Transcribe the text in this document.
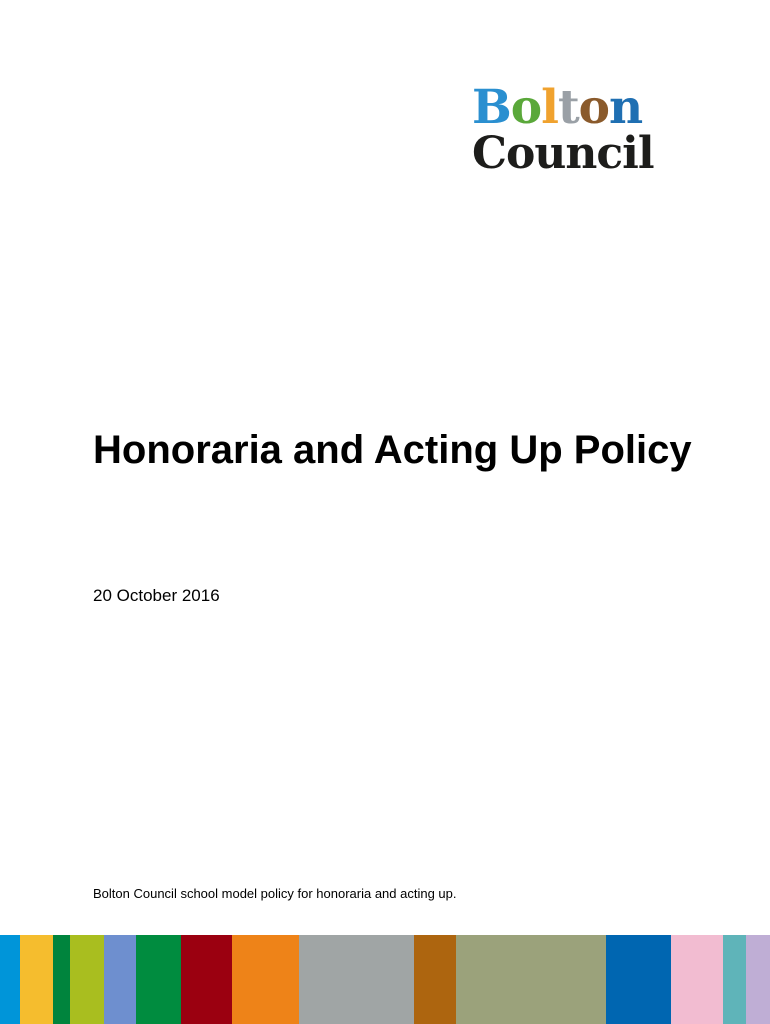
Bolton
Council
Honoraria and Acting Up Policy

20 October 2016

Bolton Council school model policy for honoraria and acting up.
